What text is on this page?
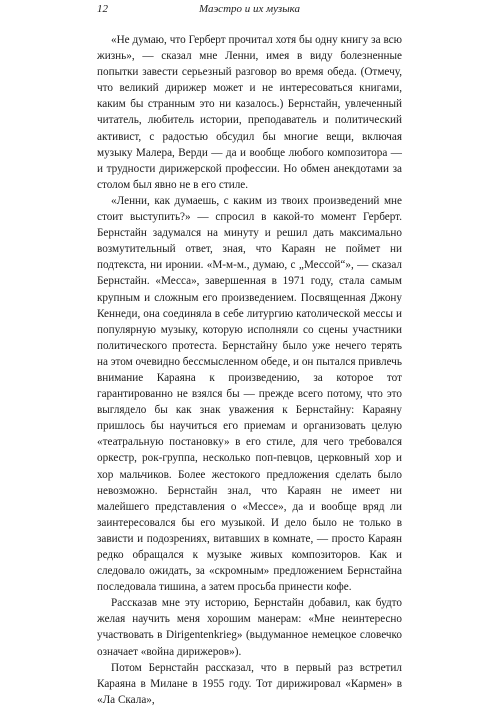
12	Маэстро и их музыка

«Не думаю, что Герберт прочитал хотя бы одну книгу за всю жизнь», — сказал мне Ленни, имея в виду болезненные попытки завести серьезный разговор во время обеда. (Отмечу, что великий дирижер может и не интересоваться книгами, каким бы странным это ни казалось.) Бернстайн, увлеченный читатель, любитель истории, преподаватель и политический активист, с радостью обсудил бы многие вещи, включая музыку Малера, Верди — да и вообще любого композитора — и трудности дирижерской профессии. Но обмен анекдотами за столом был явно не в его стиле.

«Ленни, как думаешь, с каким из твоих произведений мне стоит выступить?» — спросил в какой-то момент Герберт. Бернстайн задумался на минуту и решил дать максимально возмутительный ответ, зная, что Караян не поймет ни подтекста, ни иронии. «М-м-м., думаю, с „Мессой“», — сказал Бернстайн. «Месса», завершенная в 1971 году, стала самым крупным и сложным его произведением. Посвященная Джону Кеннеди, она соединяла в себе литургию католической мессы и популярную музыку, которую исполняли со сцены участники политического протеста. Бернстайну было уже нечего терять на этом очевидно бессмысленном обеде, и он пытался привлечь внимание Караяна к произведению, за которое тот гарантированно не взялся бы — прежде всего потому, что это выглядело бы как знак уважения к Бернстайну: Караяну пришлось бы научиться его приемам и организовать целую «театральную постановку» в его стиле, для чего требовался оркестр, рок-группа, несколько поп-певцов, церковный хор и хор мальчиков. Более жестокого предложения сделать было невозможно. Бернстайн знал, что Караян не имеет ни малейшего представления о «Мессе», да и вообще вряд ли заинтересовался бы его музыкой. И дело было не только в зависти и подозрениях, витавших в комнате, — просто Караян редко обращался к музыке живых композиторов. Как и следовало ожидать, за «скромным» предложением Бернстайна последовала тишина, а затем просьба принести кофе.

Рассказав мне эту историю, Бернстайн добавил, как будто желая научить меня хорошим манерам: «Мне неинтересно участвовать в Dirigentenkrieg» (выдуманное немецкое словечко означает «война дирижеров»).

Потом Бернстайн рассказал, что в первый раз встретил Караяна в Милане в 1955 году. Тот дирижировал «Кармен» в «Ла Скала»,
